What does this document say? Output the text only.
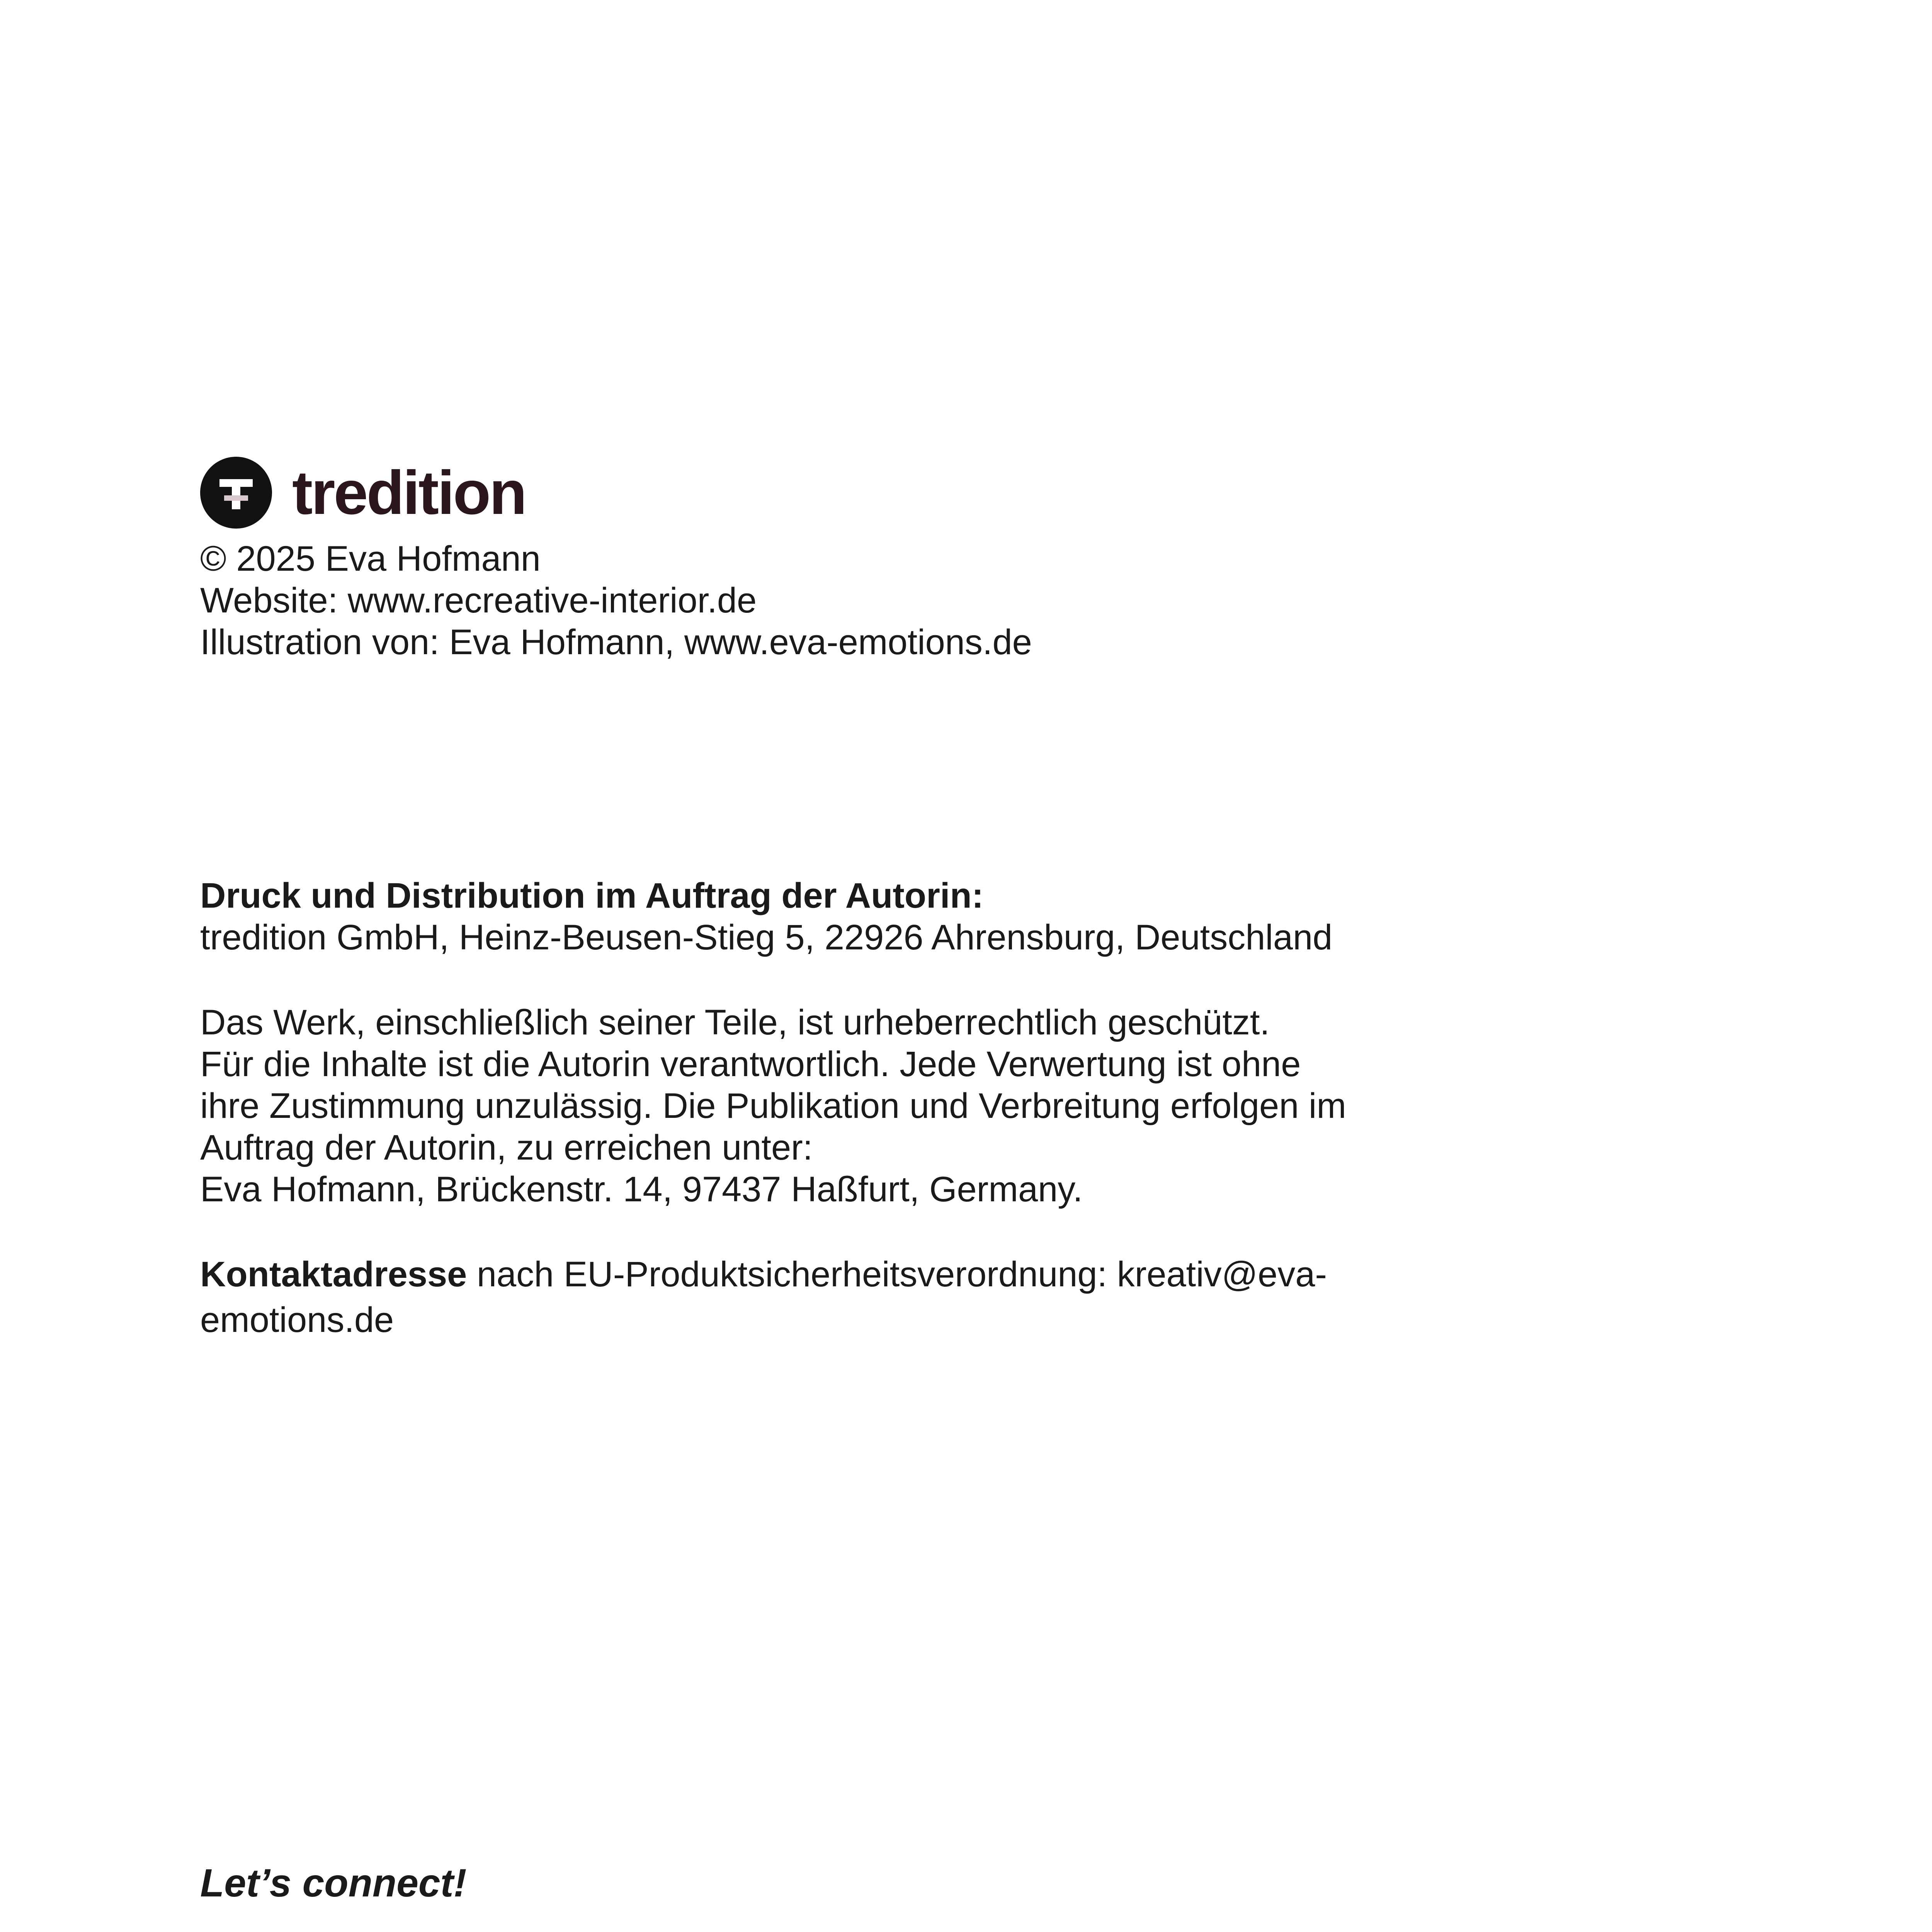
tredition
© 2025 Eva Hofmann
Website: www.recreative-interior.de
Illustration von: Eva Hofmann, www.eva-emotions.de
Druck und Distribution im Auftrag der Autorin:
tredition GmbH, Heinz-Beusen-Stieg 5, 22926 Ahrensburg, Deutschland
Das Werk, einschließlich seiner Teile, ist urheberrechtlich geschützt.
Für die Inhalte ist die Autorin verantwortlich. Jede Verwertung ist ohne
ihre Zustimmung unzulässig. Die Publikation und Verbreitung erfolgen im
Auftrag der Autorin, zu erreichen unter:
Eva Hofmann, Brückenstr. 14, 97437 Haßfurt, Germany.
Kontaktadresse nach EU-Produktsicherheitsverordnung: kreativ@eva-
emotions.de
Let’s connect!
